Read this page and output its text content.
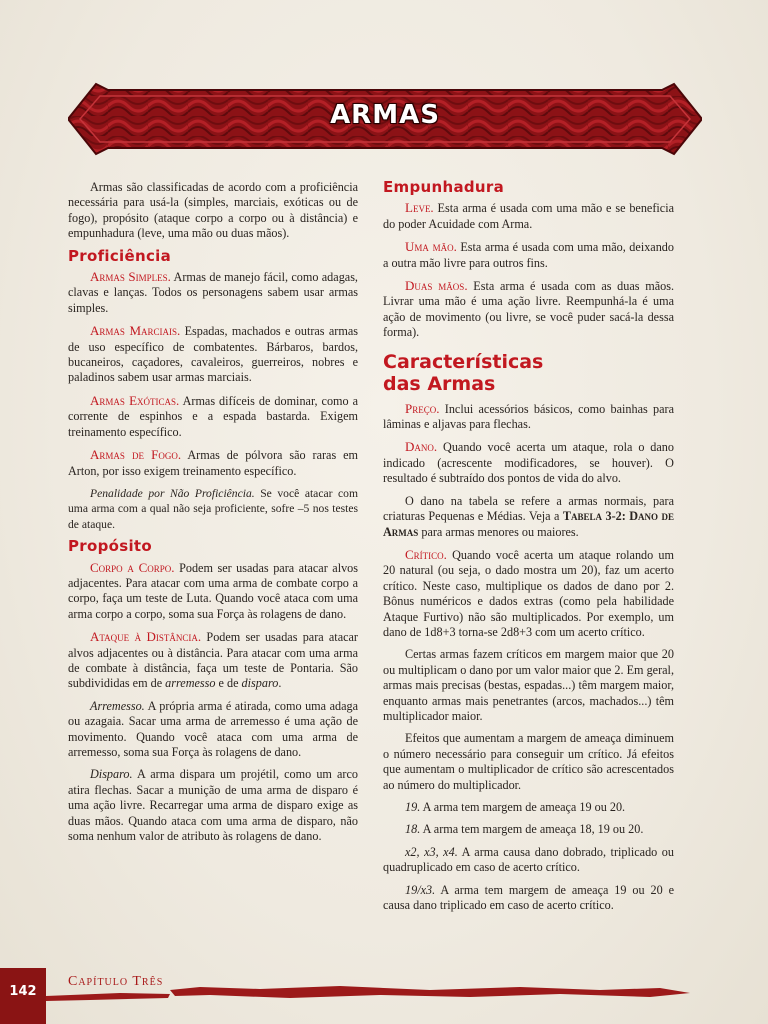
ARMAS

Armas são classificadas de acordo com a proficiência necessária para usá-la (simples, marciais, exóticas ou de fogo), propósito (ataque corpo a corpo ou à distância) e empunhadura (leve, uma mão ou duas mãos).

Proficiência

Armas Simples. Armas de manejo fácil, como adagas, clavas e lanças. Todos os personagens sabem usar armas simples.

Armas Marciais. Espadas, machados e outras armas de uso específico de combatentes. Bárbaros, bardos, bucaneiros, caçadores, cavaleiros, guerreiros, nobres e paladinos sabem usar armas marciais.

Armas Exóticas. Armas difíceis de dominar, como a corrente de espinhos e a espada bastarda. Exigem treinamento específico.

Armas de Fogo. Armas de pólvora são raras em Arton, por isso exigem treinamento específico.

Penalidade por Não Proficiência. Se você atacar com uma arma com a qual não seja proficiente, sofre –5 nos testes de ataque.

Propósito

Corpo a Corpo. Podem ser usadas para atacar alvos adjacentes. Para atacar com uma arma de combate corpo a corpo, faça um teste de Luta. Quando você ataca com uma arma corpo a corpo, soma sua Força às rolagens de dano.

Ataque à Distância. Podem ser usadas para atacar alvos adjacentes ou à distância. Para atacar com uma arma de combate à distância, faça um teste de Pontaria. São subdivididas em de arremesso e de disparo.

Arremesso. A própria arma é atirada, como uma adaga ou azagaia. Sacar uma arma de arremesso é uma ação de movimento. Quando você ataca com uma arma de arremesso, soma sua Força às rolagens de dano.

Disparo. A arma dispara um projétil, como um arco atira flechas. Sacar a munição de uma arma de disparo é uma ação livre. Recarregar uma arma de disparo exige as duas mãos. Quando ataca com uma arma de disparo, não soma nenhum valor de atributo às rolagens de dano.

Empunhadura

Leve. Esta arma é usada com uma mão e se beneficia do poder Acuidade com Arma.

Uma mão. Esta arma é usada com uma mão, deixando a outra mão livre para outros fins.

Duas mãos. Esta arma é usada com as duas mãos. Livrar uma mão é uma ação livre. Reempunhá-la é uma ação de movimento (ou livre, se você puder sacá-la dessa forma).

Características
das Armas

Preço. Inclui acessórios básicos, como bainhas para lâminas e aljavas para flechas.

Dano. Quando você acerta um ataque, rola o dano indicado (acrescente modificadores, se houver). O resultado é subtraído dos pontos de vida do alvo.

O dano na tabela se refere a armas normais, para criaturas Pequenas e Médias. Veja a Tabela 3-2: Dano de Armas para armas menores ou maiores.

Crítico. Quando você acerta um ataque rolando um 20 natural (ou seja, o dado mostra um 20), faz um acerto crítico. Neste caso, multiplique os dados de dano por 2. Bônus numéricos e dados extras (como pela habilidade Ataque Furtivo) não são multiplicados. Por exemplo, um dano de 1d8+3 torna-se 2d8+3 com um acerto crítico.

Certas armas fazem críticos em margem maior que 20 ou multiplicam o dano por um valor maior que 2. Em geral, armas mais precisas (bestas, espadas...) têm margem maior, enquanto armas mais penetrantes (arcos, machados...) têm multiplicador maior.

Efeitos que aumentam a margem de ameaça diminuem o número necessário para conseguir um crítico. Já efeitos que aumentam o multiplicador de crítico são acrescentados ao número do multiplicador.

19. A arma tem margem de ameaça 19 ou 20.

18. A arma tem margem de ameaça 18, 19 ou 20.

x2, x3, x4. A arma causa dano dobrado, triplicado ou quadruplicado em caso de acerto crítico.

19/x3. A arma tem margem de ameaça 19 ou 20 e causa dano triplicado em caso de acerto crítico.

142
Capítulo Três
